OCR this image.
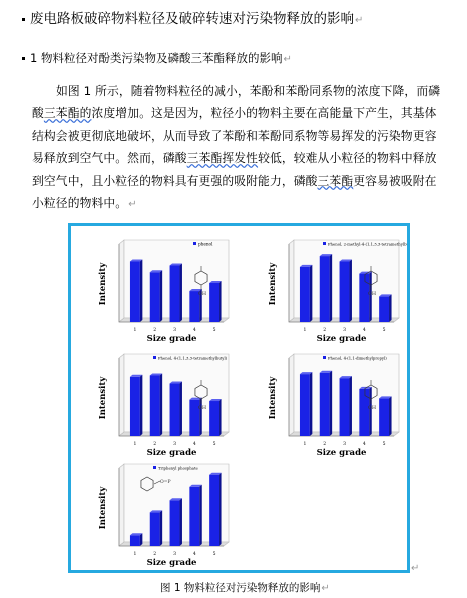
废电路板破碎物料粒径及破碎转速对污染物释放的影响↵
1 物料粒径对酚类污染物及磷酸三苯酯释放的影响↵
如图 1 所示，随着物料粒径的减小，苯酚和苯酚同系物的浓度下降，而磷
酸三苯酯的浓度增加。这是因为，粒径小的物料主要在高能量下产生，其基体
结构会被更彻底地破坏，从而导致了苯酚和苯酚同系物等易挥发的污染物更容
易释放到空气中。然而，磷酸三苯酯挥发性较低，较难从小粒径的物料中释放
到空气中，且小粒径的物料具有更强的吸附能力，磷酸三苯酯更容易被吸附在
小粒径的物料中。↵
1	2	3	4	5
Intensity
Size grade
phenol
OH
1	2	3	4	5
Intensity
Size grade
Phenol, 2-methyl-4-(1,1,3,3-tetramethylbutyl)
OH
1	2	3	4	5
Intensity
Size grade
Phenol, 4-(1,1,3,3-tetramethylbutyl)
OH
1	2	3	4	5
Intensity
Size grade
Phenol, 4-(1,1-dimethylpropyl)
OH
1	2	3	4	5
Intensity
Size grade
Triphenyl phosphate
O=P
↵
图 1 物料粒径对污染物释放的影响↵
